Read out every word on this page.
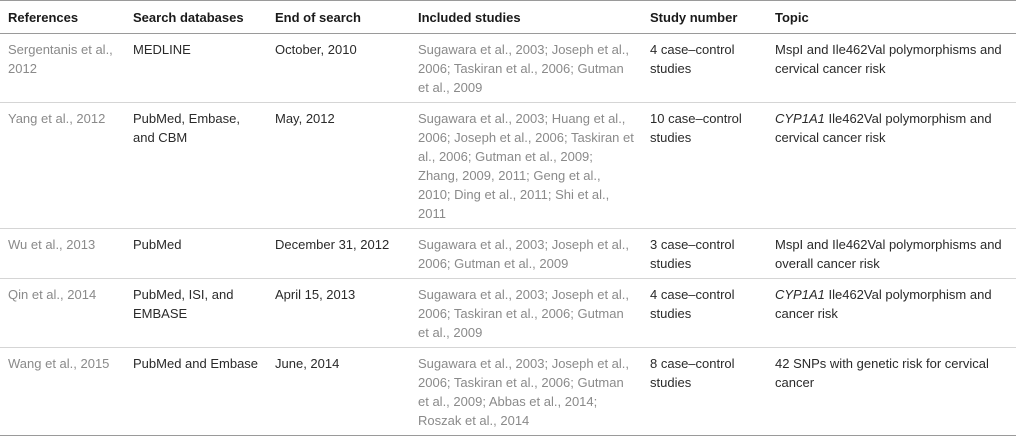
References	Search databases	End of search	Included studies	Study number	Topic
Sergentanis et al., 2012	MEDLINE	October, 2010	Sugawara et al., 2003; Joseph et al., 2006; Taskiran et al., 2006; Gutman et al., 2009	4 case–control studies	MspI and Ile462Val polymorphisms and cervical cancer risk
Yang et al., 2012	PubMed, Embase, and CBM	May, 2012	Sugawara et al., 2003; Huang et al., 2006; Joseph et al., 2006; Taskiran et al., 2006; Gutman et al., 2009; Zhang, 2009, 2011; Geng et al., 2010; Ding et al., 2011; Shi et al., 2011	10 case–control studies	CYP1A1 Ile462Val polymorphism and cervical cancer risk
Wu et al., 2013	PubMed	December 31, 2012	Sugawara et al., 2003; Joseph et al., 2006; Gutman et al., 2009	3 case–control studies	MspI and Ile462Val polymorphisms and overall cancer risk
Qin et al., 2014	PubMed, ISI, and EMBASE	April 15, 2013	Sugawara et al., 2003; Joseph et al., 2006; Taskiran et al., 2006; Gutman et al., 2009	4 case–control studies	CYP1A1 Ile462Val polymorphism and cancer risk
Wang et al., 2015	PubMed and Embase	June, 2014	Sugawara et al., 2003; Joseph et al., 2006; Taskiran et al., 2006; Gutman et al., 2009; Abbas et al., 2014; Roszak et al., 2014	8 case–control studies	42 SNPs with genetic risk for cervical cancer
